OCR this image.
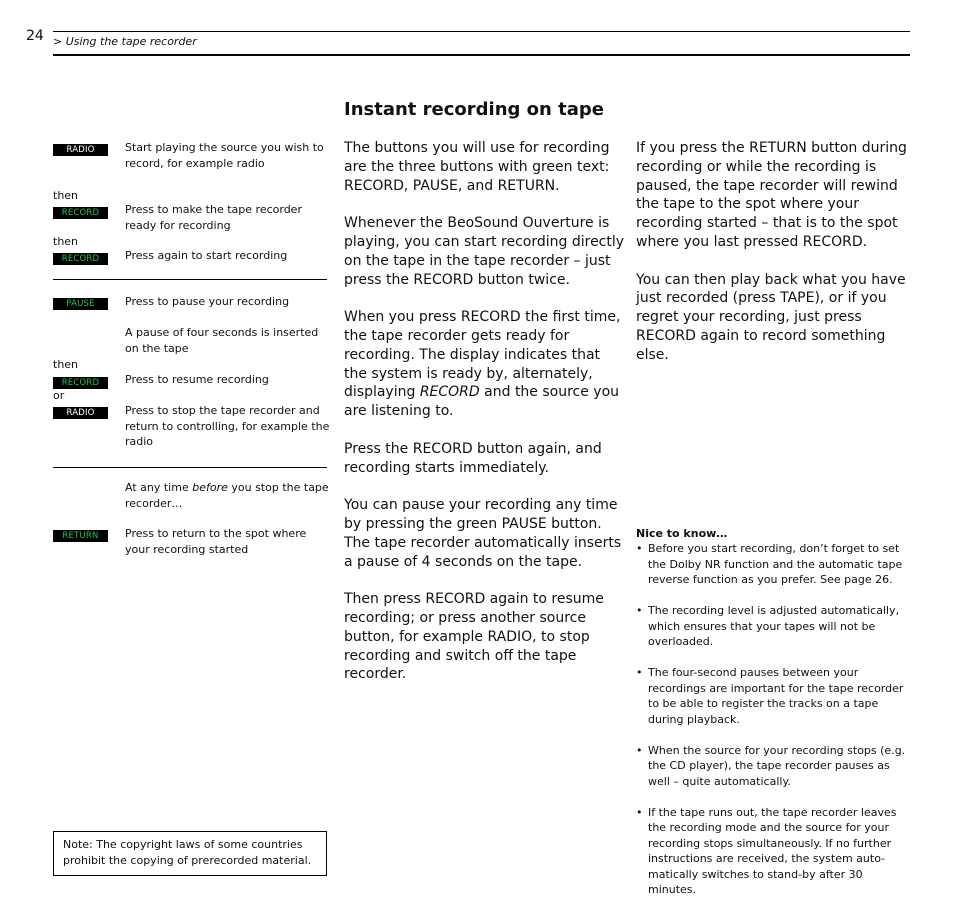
24 > Using the tape recorder
Instant recording on tape
RADIO	Start playing the source you wish to record, for example radio
then
RECORD	Press to make the tape recorder ready for recording
then
RECORD	Press again to start recording
PAUSE	Press to pause your recording
A pause of four seconds is inserted on the tape
then
RECORD	Press to resume recording
or
RADIO	Press to stop the tape recorder and return to controlling, for example the radio
At any time before you stop the tape recorder…
RETURN	Press to return to the spot where your recording started

The buttons you will use for recording are the three buttons with green text: RECORD, PAUSE, and RETURN.

Whenever the BeoSound Ouverture is playing, you can start recording directly on the tape in the tape recorder – just press the RECORD button twice.

When you press RECORD the first time, the tape recorder gets ready for recording. The display indicates that the system is ready by, alternately, displaying RECORD and the source you are listening to.

Press the RECORD button again, and recording starts immediately.

You can pause your recording any time by pressing the green PAUSE button. The tape recorder automatically inserts a pause of 4 seconds on the tape.

Then press RECORD again to resume recording; or press another source button, for example RADIO, to stop recording and switch off the tape recorder.

If you press the RETURN button during recording or while the recording is paused, the tape recorder will rewind the tape to the spot where your recording started – that is to the spot where you last pressed RECORD.

You can then play back what you have just recorded (press TAPE), or if you regret your recording, just press RECORD again to record something else.

Nice to know…
• Before you start recording, don’t forget to set the Dolby NR function and the automatic tape reverse function as you prefer. See page 26.
• The recording level is adjusted automatically, which ensures that your tapes will not be overloaded.
• The four-second pauses between your recordings are important for the tape recorder to be able to register the tracks on a tape during playback.
• When the source for your recording stops (e.g. the CD player), the tape recorder pauses as well – quite automatically.
• If the tape runs out, the tape recorder leaves the recording mode and the source for your recording stops simultaneously. If no further instructions are received, the system automatically switches to stand-by after 30 minutes.
Note: The copyright laws of some countries prohibit the copying of prerecorded material.
